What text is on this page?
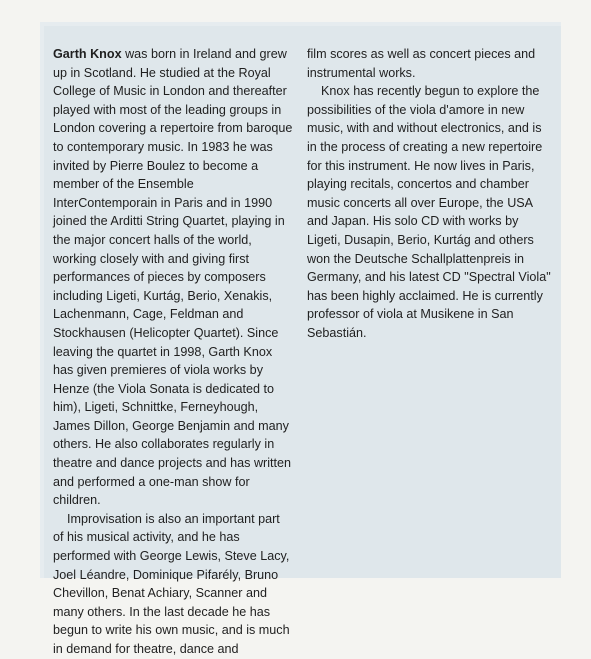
Garth Knox was born in Ireland and grew up in Scotland. He studied at the Royal College of Music in London and thereafter played with most of the leading groups in London covering a repertoire from baroque to contemporary music. In 1983 he was invited by Pierre Boulez to become a member of the Ensemble InterContemporain in Paris and in 1990 joined the Arditti String Quartet, playing in the major concert halls of the world, working closely with and giving first performances of pieces by composers including Ligeti, Kurtág, Berio, Xenakis, Lachenmann, Cage, Feldman and Stockhausen (Helicopter Quartet). Since leaving the quartet in 1998, Garth Knox has given premieres of viola works by Henze (the Viola Sonata is dedicated to him), Ligeti, Schnittke, Ferneyhough, James Dillon, George Benjamin and many others. He also collaborates regularly in theatre and dance projects and has written and performed a one-man show for children.

Improvisation is also an important part of his musical activity, and he has performed with George Lewis, Steve Lacy, Joel Léandre, Dominique Pifarély, Bruno Chevillon, Benat Achiary, Scanner and many others. In the last decade he has begun to write his own music, and is much in demand for theatre, dance and

film scores as well as concert pieces and instrumental works.

Knox has recently begun to explore the possibilities of the viola d'amore in new music, with and without electronics, and is in the process of creating a new repertoire for this instrument. He now lives in Paris, playing recitals, concertos and chamber music concerts all over Europe, the USA and Japan. His solo CD with works by Ligeti, Dusapin, Berio, Kurtág and others won the Deutsche Schallplattenpreis in Germany, and his latest CD "Spectral Viola" has been highly acclaimed. He is currently professor of viola at Musikene in San Sebastián.
